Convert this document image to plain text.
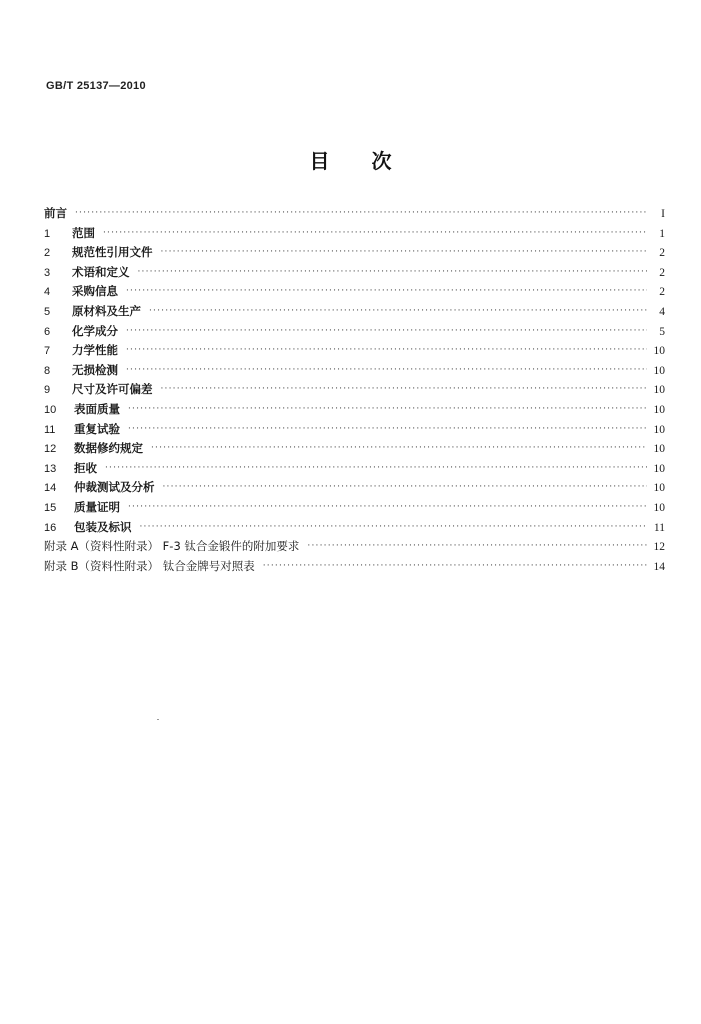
GB/T 25137—2010
目次
前言 ·····	I
1	范围 ·····	1
2	规范性引用文件 ·····	2
3	术语和定义 ·····	2
4	采购信息 ·····	2
5	原材料及生产 ·····	4
6	化学成分 ·····	5
7	力学性能 ·····	10
8	无损检测 ·····	10
9	尺寸及许可偏差 ·····	10
10	表面质量 ·····	10
11	重复试验 ·····	10
12	数据修约规定 ·····	10
13	拒收 ·····	10
14	仲裁测试及分析 ·····	10
15	质量证明 ·····	10
16	包装及标识 ·····	11
附录 A（资料性附录） F-3 钛合金锻件的附加要求 ·····	12
附录 B（资料性附录） 钛合金牌号对照表 ·····	14
